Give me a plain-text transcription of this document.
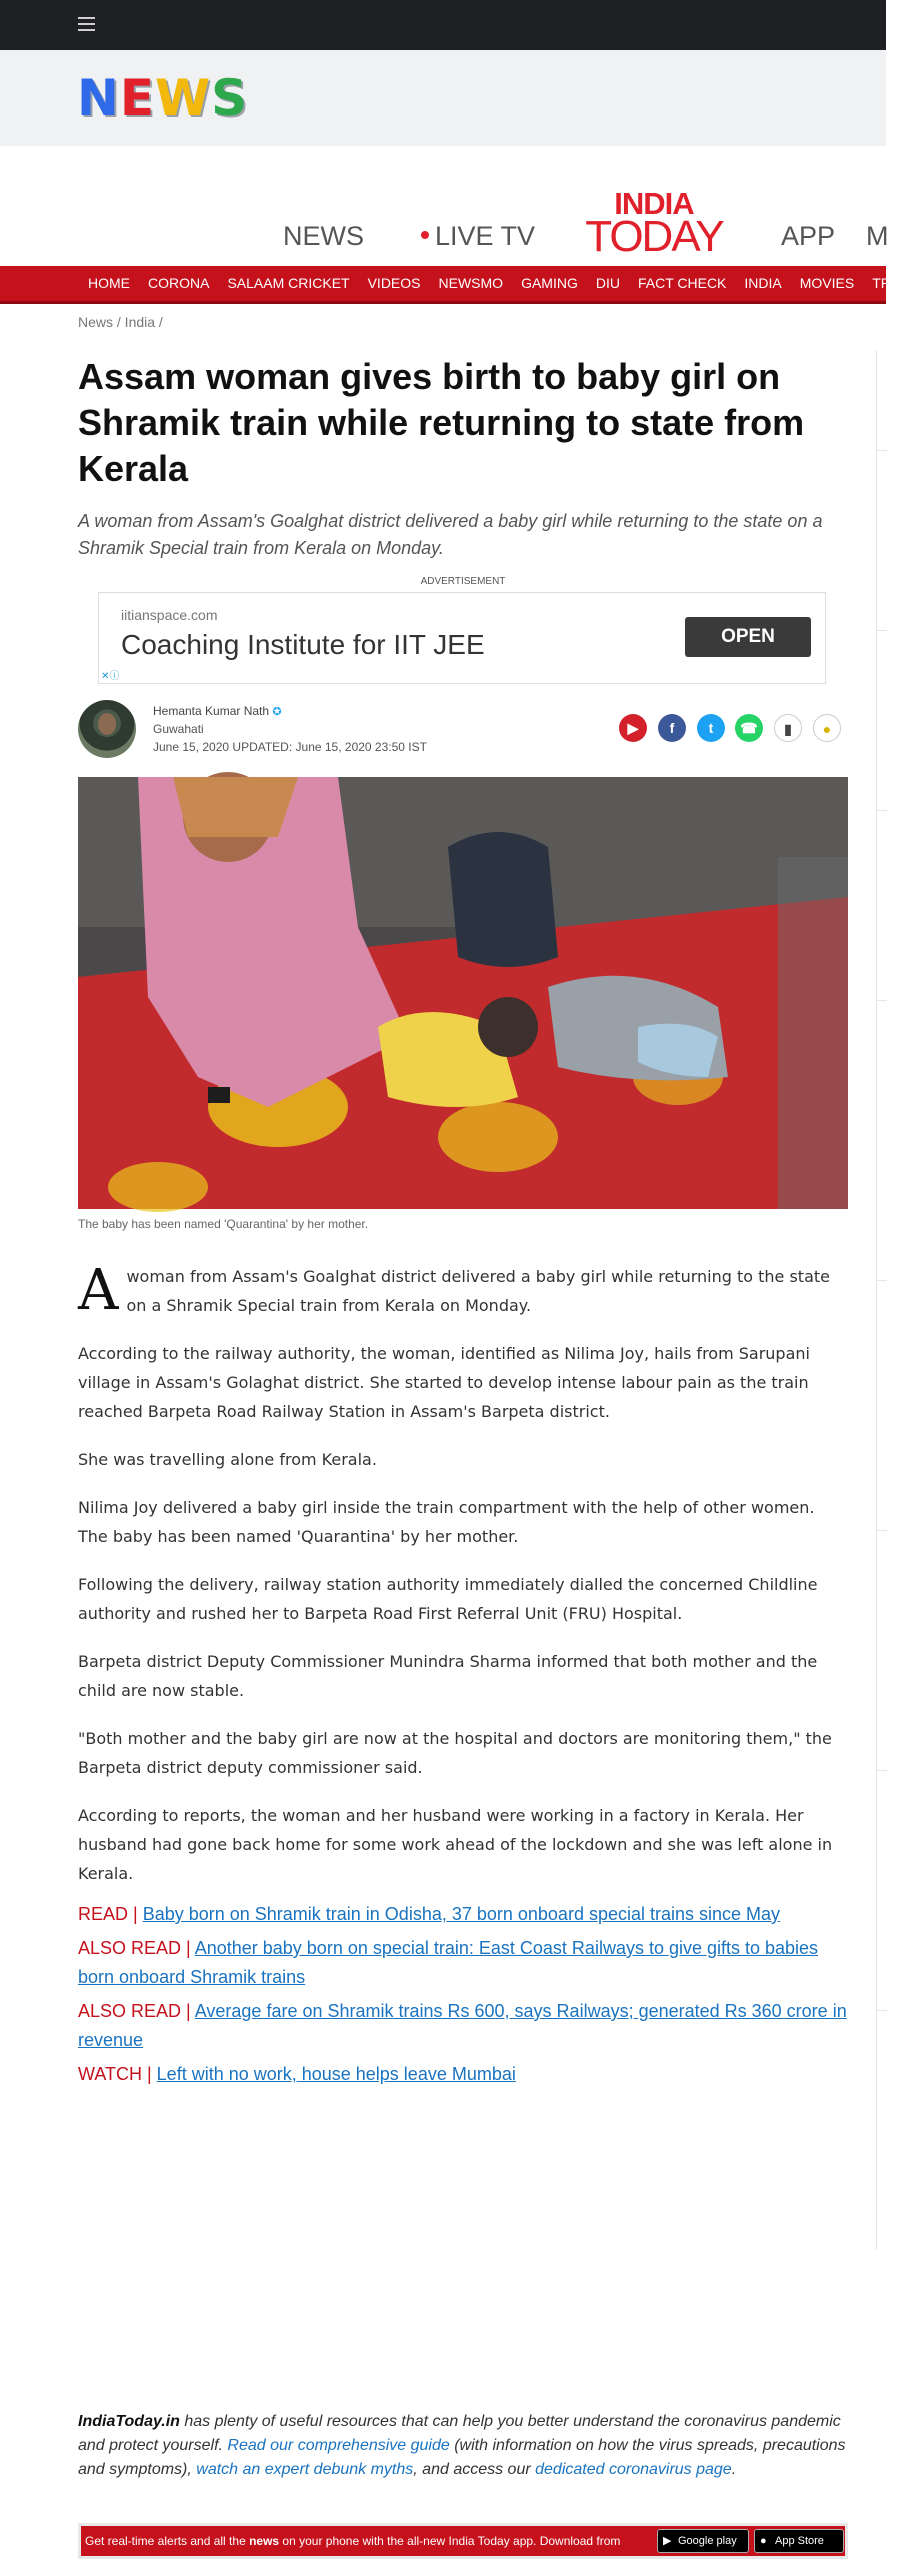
NEWS
NEWS	LIVE TV
INDIA
TODAY APP M
HOME CORONA SALAAM CRICKET VIDEOS NEWSMO GAMING DIU FACT CHECK INDIA MOVIES TRE
News / India /
Assam woman gives birth to baby girl on Shramik train while returning to state from Kerala
A woman from Assam's Goalghat district delivered a baby girl while returning to the state on a Shramik Special train from Kerala on Monday.
ADVERTISEMENT
iitianspace.com
Coaching Institute for IIT JEE	OPEN
✕ⓘ
Hemanta Kumar Nath ✪
Guwahati
June 15, 2020 UPDATED: June 15, 2020 23:50 IST
▶	f	t	☎	▮	●
The baby has been named 'Quarantina' by her mother.

Awoman from Assam's Goalghat district delivered a baby girl while returning to the state on a Shramik Special train from Kerala on Monday.

According to the railway authority, the woman, identified as Nilima Joy, hails from Sarupani village in Assam's Golaghat district. She started to develop intense labour pain as the train reached Barpeta Road Railway Station in Assam's Barpeta district.

She was travelling alone from Kerala.

Nilima Joy delivered a baby girl inside the train compartment with the help of other women. The baby has been named 'Quarantina' by her mother.

Following the delivery, railway station authority immediately dialled the concerned Childline authority and rushed her to Barpeta Road First Referral Unit (FRU) Hospital.

Barpeta district Deputy Commissioner Munindra Sharma informed that both mother and the child are now stable.

"Both mother and the baby girl are now at the hospital and doctors are monitoring them," the Barpeta district deputy commissioner said.

According to reports, the woman and her husband were working in a factory in Kerala. Her husband had gone back home for some work ahead of the lockdown and she was left alone in Kerala.

READ | Baby born on Shramik train in Odisha, 37 born onboard special trains since May
ALSO READ | Another baby born on special train: East Coast Railways to give gifts to babies born onboard Shramik trains
ALSO READ | Average fare on Shramik trains Rs 600, says Railways; generated Rs 360 crore in revenue
WATCH | Left with no work, house helps leave Mumbai
IndiaToday.in has plenty of useful resources that can help you better understand the coronavirus pandemic and protect yourself. Read our comprehensive guide (with information on how the virus spreads, precautions and symptoms), watch an expert debunk myths, and access our dedicated coronavirus page.
Get real-time alerts and all the news on your phone with the all-new India Today app. Download from	▶ Google play	● App Store
